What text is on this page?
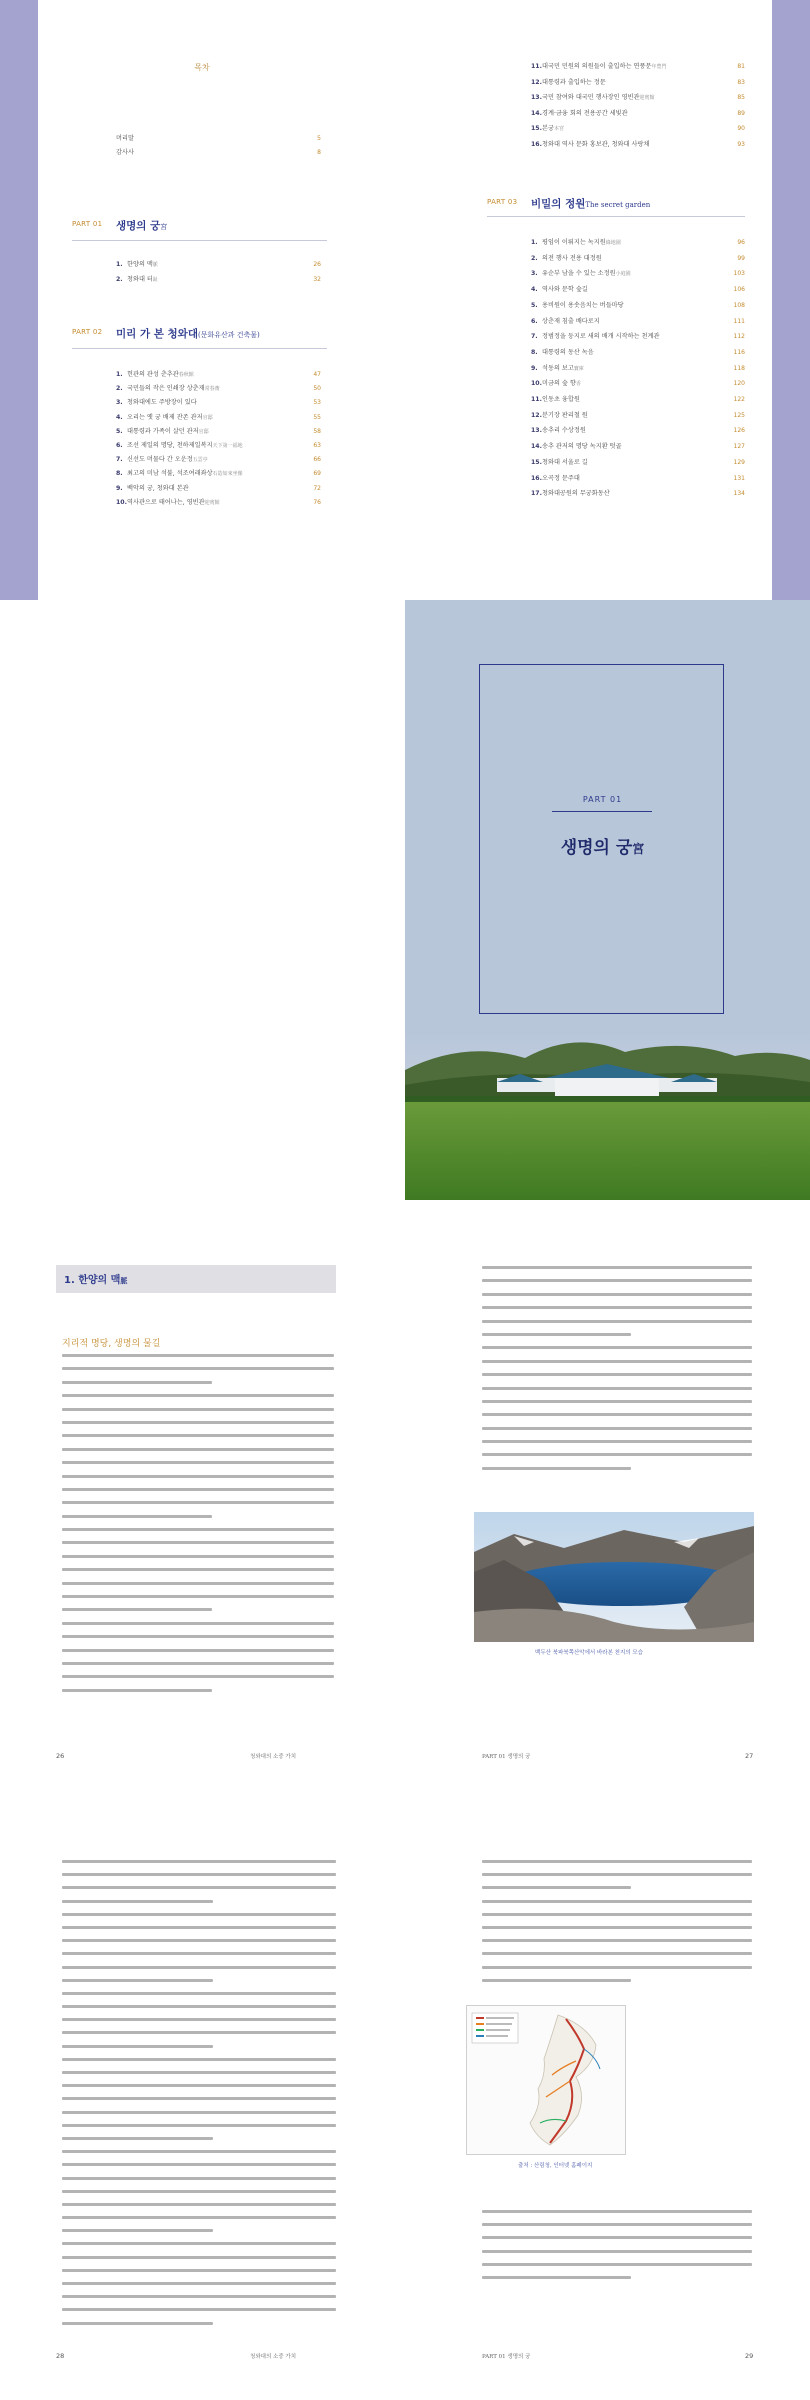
목차
머리말	5
감사사	8
PART 01 생명의 궁宮
1. 한양의 맥脈	26
2. 청와대 터趾	32
PART 02 미리 가 본 청와대(문화유산과 건축물)
1. 헌관의 관성 춘추관春秋館	47
2. 국민들의 작은 인쇄장 상춘재常春齋	50
3. 청와대에도 주방장이 있다	53
4. 오리는 옛 궁 배제 잔존 관저官邸	55
5. 대통령과 가족이 살던 관저官邸	58
6. 조선 제일의 명당, 천하제일복지天下第一福地	63
7. 신선도 머물다 간 오운정五雲亭	66
8. 최고의 미남 석불, 석조여래좌상石造如來坐像	69
9. 백악의 궁, 청와대 본관	72
10.역사관으로 태어나는, 영빈관迎賓館	76
11.대국민 민원의 의원들이 출입하는 연풍문年豊門	81
12.대통령과 출입하는 정문	83
13.국민 참여와 대국민 행사장인 영빈관迎賓館	85
14.경계·금융 회의 전용공간 세빛관	89
15.본궁本宮	90
16.청와대 역사 문화 홍보관, 청와대 사랑채	93
PART 03 비밀의 정원The secret garden
1. 평임이 이뤄지는 녹지원綠地園	96
2. 의전 행사 전용 대정원	99
3. 유순부 남을 수 있는 소정원小庭園	103
4. 역사와 문학 숲길	106
5. 용비원이 용솟음치는 버들마당	108
6. 상춘재 침출 배다로지	111
7. 정범정을 둥지로 새의 배개 시작하는 천계관	112
8. 대통령의 동산 녹음	116
9. 석동의 보고寶庫	118
10.미금의 숲 향香	120
11.인동초 융합원	122
12.분기장 판리철 원	125
13.송추리 수상정원	126
14.송추 관저의 명당 녹지환 텃골	127
15.청와대 서울로 길	129
16.오곡정 문주대	131
17.청와대공원의 무궁화동산	134
PART 01
생명의 궁宮
1. 한양의 맥脈
지리적 명당, 생명의 물길
26	청와대의 소중 가치
백두산 북파북쪽산악에서 바라본 천지의 모습
PART 01 생명의 궁	27
28	청와대의 소중 가치
출처 : 산림청, 인터넷 홈페이지
PART 01 생명의 궁	29
